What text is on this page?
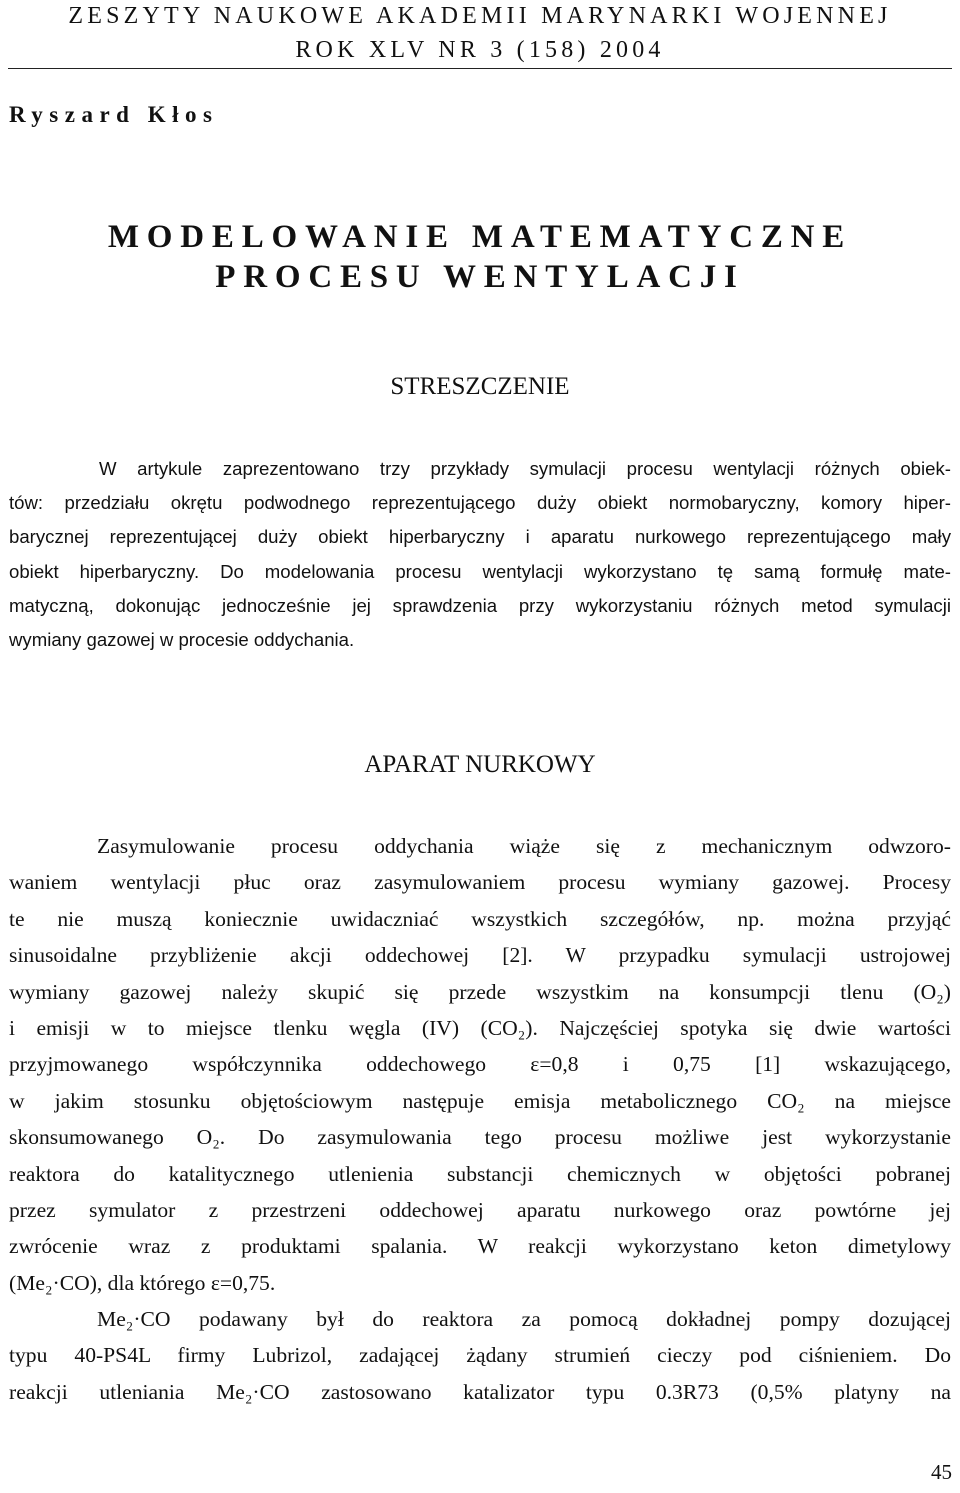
ZESZYTY NAUKOWE AKADEMII MARYNARKI WOJENNEJ
ROK XLV NR 3 (158) 2004
Ryszard Kłos
MODELOWANIE MATEMATYCZNE
PROCESU WENTYLACJI
STRESZCZENIE
W artykule zaprezentowano trzy przykłady symulacji procesu wentylacji różnych obiek-
tów: przedziału okrętu podwodnego reprezentującego duży obiekt normobaryczny, komory hiper-
barycznej reprezentującej duży obiekt hiperbaryczny i aparatu nurkowego reprezentującego mały
obiekt hiperbaryczny. Do modelowania procesu wentylacji wykorzystano tę samą formułę mate-
matyczną, dokonując jednocześnie jej sprawdzenia przy wykorzystaniu różnych metod symulacji
wymiany gazowej w procesie oddychania.
APARAT NURKOWY
Zasymulowanie procesu oddychania wiąże się z mechanicznym odwzoro-
waniem wentylacji płuc oraz zasymulowaniem procesu wymiany gazowej. Procesy
te nie muszą koniecznie uwidaczniać wszystkich szczegółów, np. można przyjąć
sinusoidalne przybliżenie akcji oddechowej [2]. W przypadku symulacji ustrojowej
wymiany gazowej należy skupić się przede wszystkim na konsumpcji tlenu (O₂)
i emisji w to miejsce tlenku węgla (IV) (CO₂). Najczęściej spotyka się dwie wartości
przyjmowanego współczynnika oddechowego ε=0,8 i 0,75 [1] wskazującego,
w jakim stosunku objętościowym następuje emisja metabolicznego CO₂ na miejsce
skonsumowanego O₂. Do zasymulowania tego procesu możliwe jest wykorzystanie
reaktora do katalitycznego utlenienia substancji chemicznych w objętości pobranej
przez symulator z przestrzeni oddechowej aparatu nurkowego oraz powtórne jej
zwrócenie wraz z produktami spalania. W reakcji wykorzystano keton dimetylowy
(Me₂·CO), dla którego ε=0,75.
Me₂·CO podawany był do reaktora za pomocą dokładnej pompy dozującej
typu 40-PS4L firmy Lubrizol, zadającej żądany strumień cieczy pod ciśnieniem. Do
reakcji utleniania Me₂·CO zastosowano katalizator typu 0.3R73 (0,5% platyny na
45
